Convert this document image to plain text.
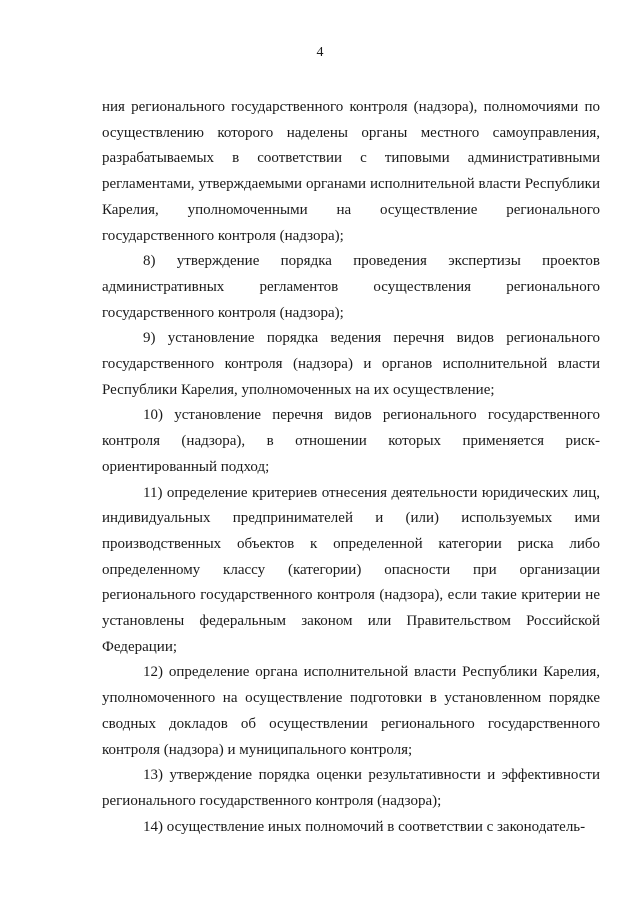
4

ния регионального государственного контроля (надзора), полномочиями по осуществлению которого наделены органы местного самоуправления, разрабатываемых в соответствии с типовыми административными регламентами, утверждаемыми органами исполнительной власти Республики Карелия, уполномоченными на осуществление регионального государственного контроля (надзора);

8) утверждение порядка проведения экспертизы проектов административных регламентов осуществления регионального государственного контроля (надзора);

9) установление порядка ведения перечня видов регионального государственного контроля (надзора) и органов исполнительной власти Республики Карелия, уполномоченных на их осуществление;

10) установление перечня видов регионального государственного контроля (надзора), в отношении которых применяется риск-ориентированный подход;

11) определение критериев отнесения деятельности юридических лиц, индивидуальных предпринимателей и (или) используемых ими производственных объектов к определенной категории риска либо определенному классу (категории) опасности при организации регионального государственного контроля (надзора), если такие критерии не установлены федеральным законом или Правительством Российской Федерации;

12) определение органа исполнительной власти Республики Карелия, уполномоченного на осуществление подготовки в установленном порядке сводных докладов об осуществлении регионального государственного контроля (надзора) и муниципального контроля;

13) утверждение порядка оценки результативности и эффективности регионального государственного контроля (надзора);

14) осуществление иных полномочий в соответствии с законодатель-
